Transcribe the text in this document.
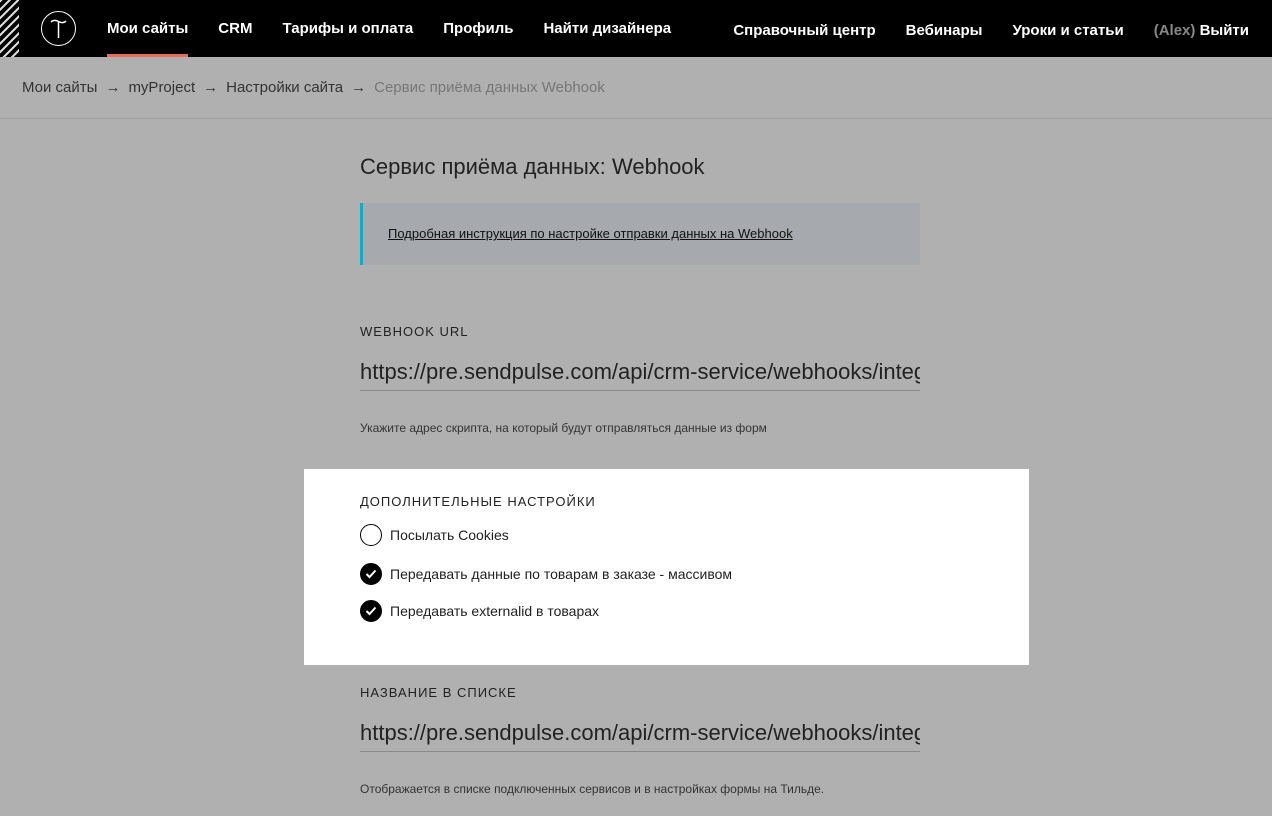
Мои сайты CRM Тарифы и оплата Профиль Найти дизайнера	Справочный центр Вебинары Уроки и статьи (Alex) Выйти
Мои сайты → myProject → Настройки сайта → Сервис приёма данных Webhook
Сервис приёма данных: Webhook
Подробная инструкция по настройке отправки данных на Webhook
WEBHOOK URL
https://pre.sendpulse.com/api/crm-service/webhooks/integration/tilda
Укажите адрес скрипта, на который будут отправляться данные из форм
ДОПОЛНИТЕЛЬНЫЕ НАСТРОЙКИ
Посылать Cookies
Передавать данные по товарам в заказе - массивом
Передавать externalid в товарах
НАЗВАНИЕ В СПИСКЕ
https://pre.sendpulse.com/api/crm-service/webhooks/integration/tilda
Отображается в списке подключенных сервисов и в настройках формы на Тильде.
